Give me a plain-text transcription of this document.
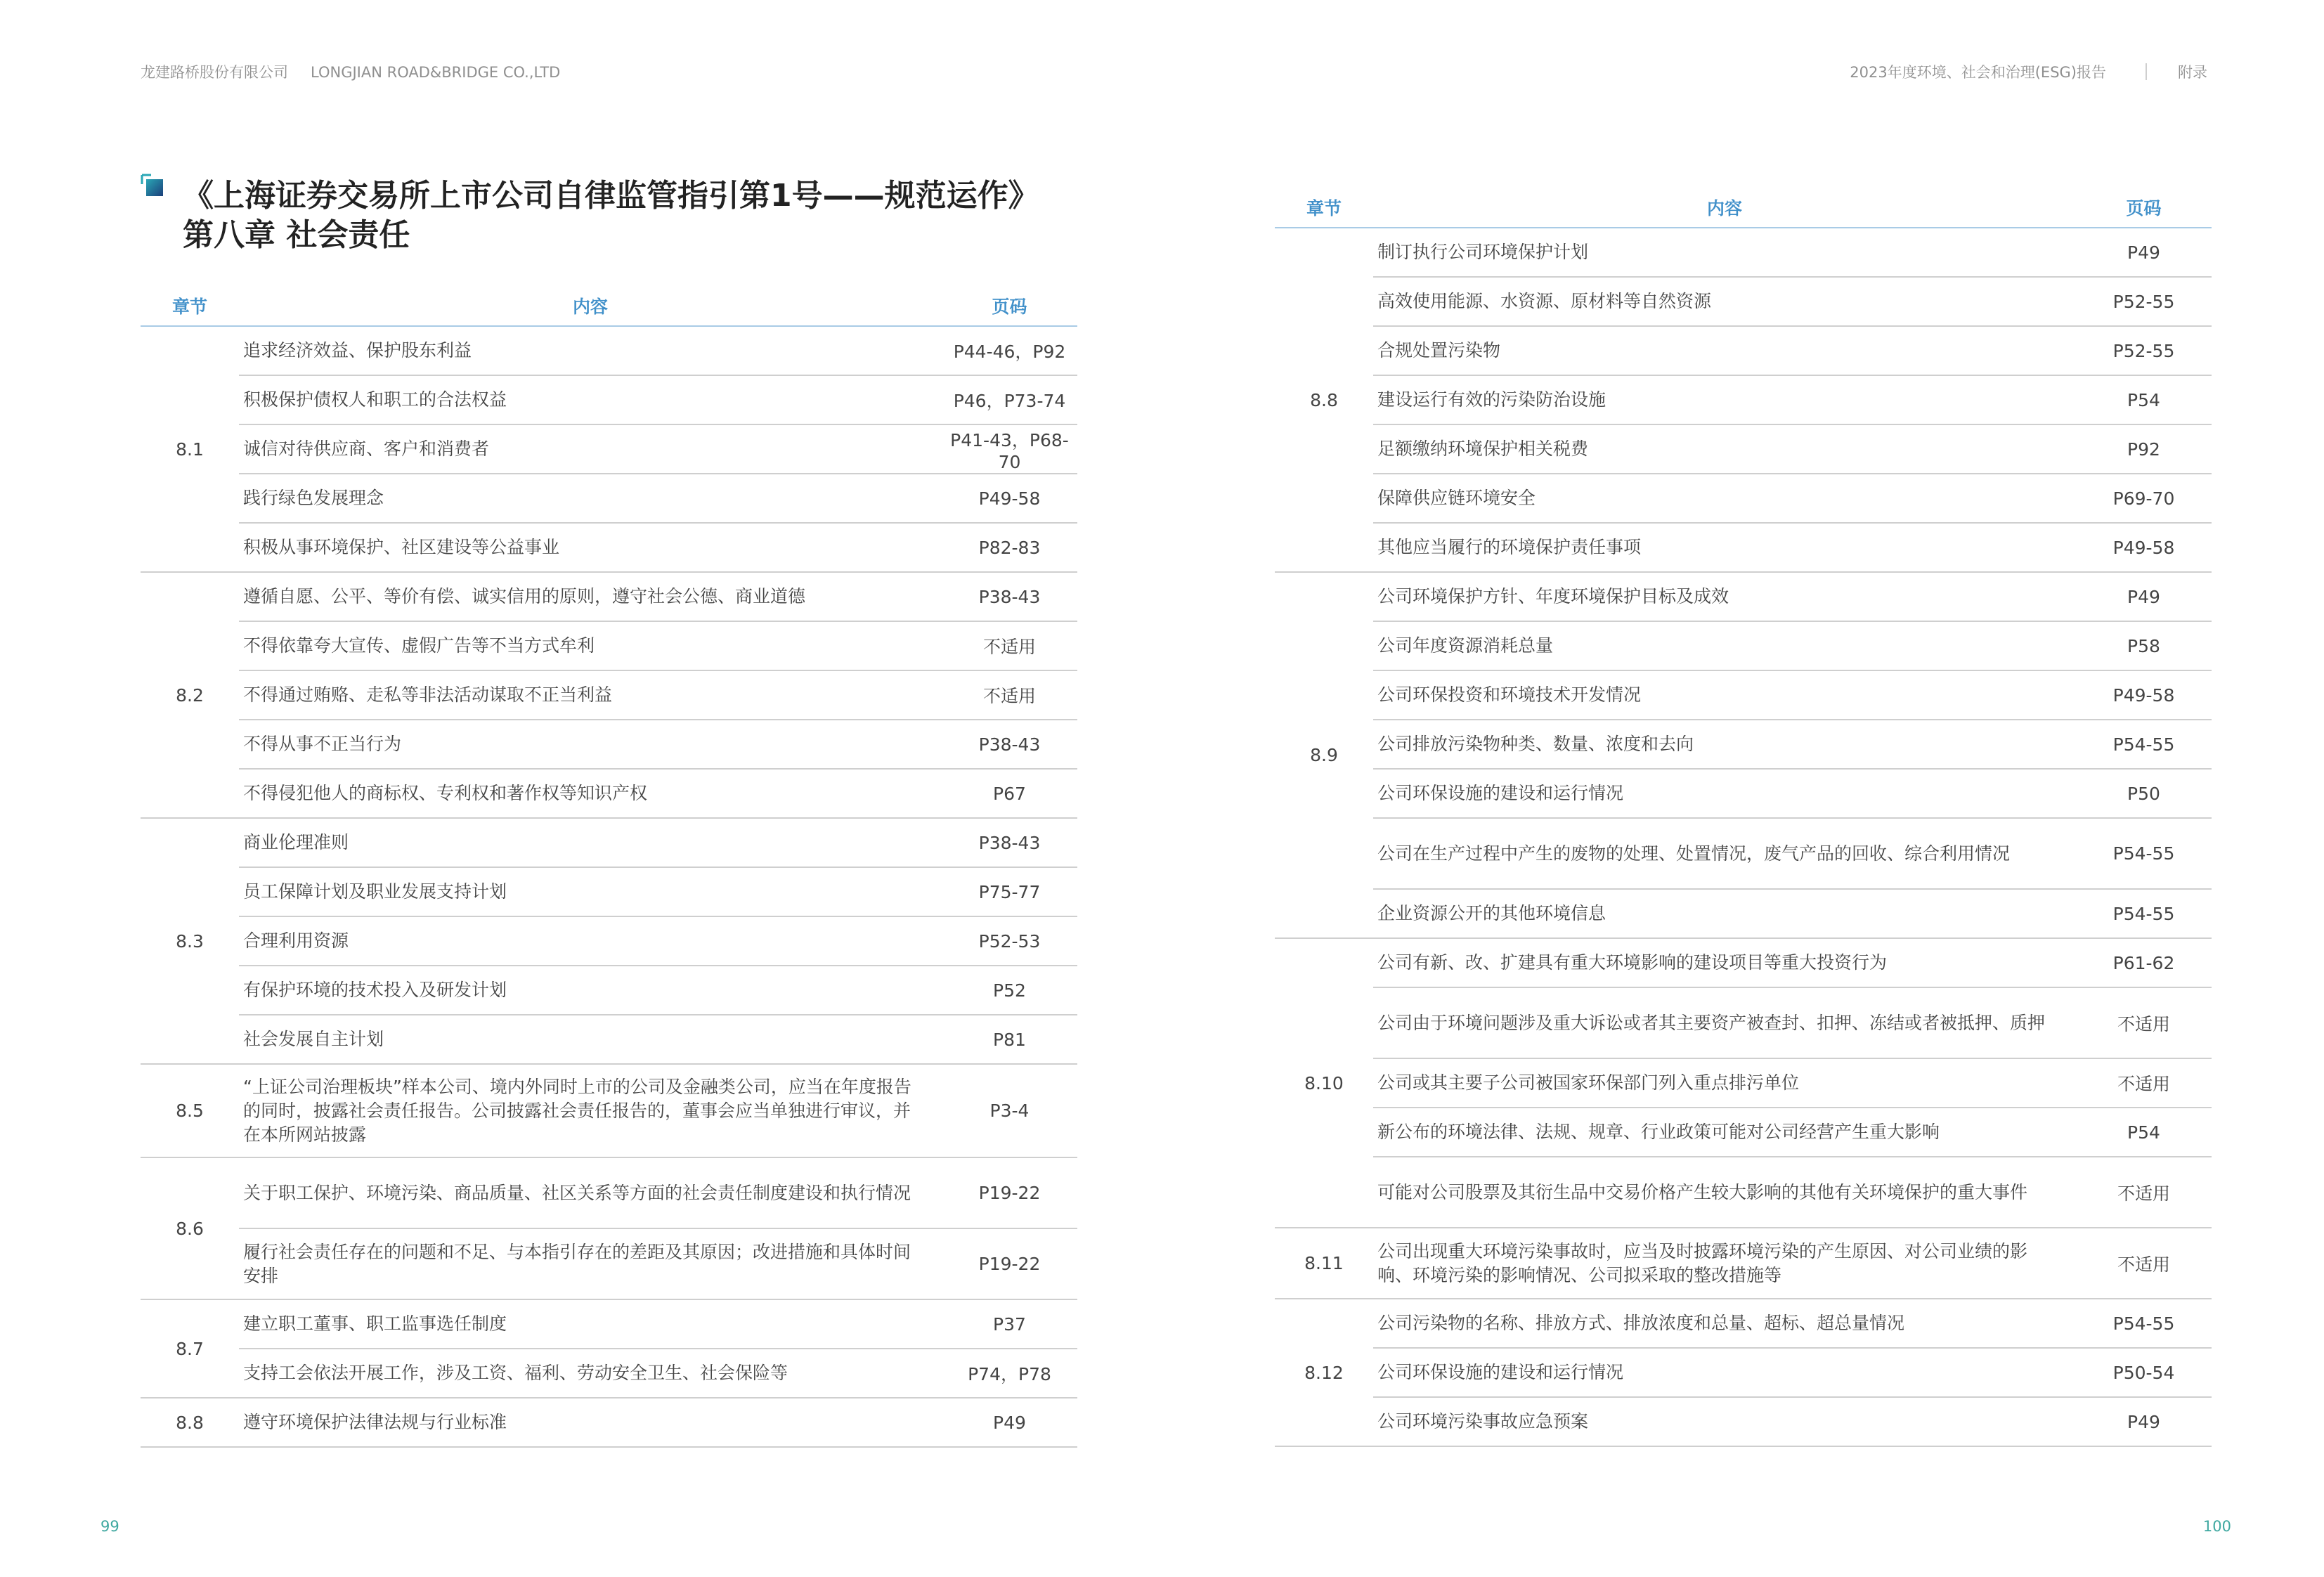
龙建路桥股份有限公司 LONGJIAN ROAD&BRIDGE CO.,LTD	2023年度环境、社会和治理(ESG)报告	附录
《上海证券交易所上市公司自律监管指引第1号——规范运作》
第八章 社会责任
章节	内容	页码
8.1	追求经济效益、保护股东利益	P44-46，P92
	积极保护债权人和职工的合法权益	P46，P73-74
	诚信对待供应商、客户和消费者	P41-43，P68-70
	践行绿色发展理念	P49-58
	积极从事环境保护、社区建设等公益事业	P82-83
8.2	遵循自愿、公平、等价有偿、诚实信用的原则，遵守社会公德、商业道德	P38-43
	不得依靠夸大宣传、虚假广告等不当方式牟利	不适用
	不得通过贿赂、走私等非法活动谋取不正当利益	不适用
	不得从事不正当行为	P38-43
	不得侵犯他人的商标权、专利权和著作权等知识产权	P67
8.3	商业伦理准则	P38-43
	员工保障计划及职业发展支持计划	P75-77
	合理利用资源	P52-53
	有保护环境的技术投入及研发计划	P52
	社会发展自主计划	P81
8.5	“上证公司治理板块”样本公司、境内外同时上市的公司及金融类公司，应当在年度报告的同时，披露社会责任报告。公司披露社会责任报告的，董事会应当单独进行审议，并在本所网站披露	P3-4
8.6	关于职工保护、环境污染、商品质量、社区关系等方面的社会责任制度建设和执行情况	P19-22
	履行社会责任存在的问题和不足、与本指引存在的差距及其原因；改进措施和具体时间安排	P19-22
8.7	建立职工董事、职工监事选任制度	P37
	支持工会依法开展工作，涉及工资、福利、劳动安全卫生、社会保险等	P74，P78
8.8	遵守环境保护法律法规与行业标准	P49
章节	内容	页码
8.8	制订执行公司环境保护计划	P49
	高效使用能源、水资源、原材料等自然资源	P52-55
	合规处置污染物	P52-55
	建设运行有效的污染防治设施	P54
	足额缴纳环境保护相关税费	P92
	保障供应链环境安全	P69-70
	其他应当履行的环境保护责任事项	P49-58
8.9	公司环境保护方针、年度环境保护目标及成效	P49
	公司年度资源消耗总量	P58
	公司环保投资和环境技术开发情况	P49-58
	公司排放污染物种类、数量、浓度和去向	P54-55
	公司环保设施的建设和运行情况	P50
	公司在生产过程中产生的废物的处理、处置情况，废气产品的回收、综合利用情况	P54-55
	企业资源公开的其他环境信息	P54-55
8.10	公司有新、改、扩建具有重大环境影响的建设项目等重大投资行为	P61-62
	公司由于环境问题涉及重大诉讼或者其主要资产被查封、扣押、冻结或者被抵押、质押	不适用
	公司或其主要子公司被国家环保部门列入重点排污单位	不适用
	新公布的环境法律、法规、规章、行业政策可能对公司经营产生重大影响	P54
	可能对公司股票及其衍生品中交易价格产生较大影响的其他有关环境保护的重大事件	不适用
8.11	公司出现重大环境污染事故时，应当及时披露环境污染的产生原因、对公司业绩的影响、环境污染的影响情况、公司拟采取的整改措施等	不适用
8.12	公司污染物的名称、排放方式、排放浓度和总量、超标、超总量情况	P54-55
	公司环保设施的建设和运行情况	P50-54
	公司环境污染事故应急预案	P49
99	100
